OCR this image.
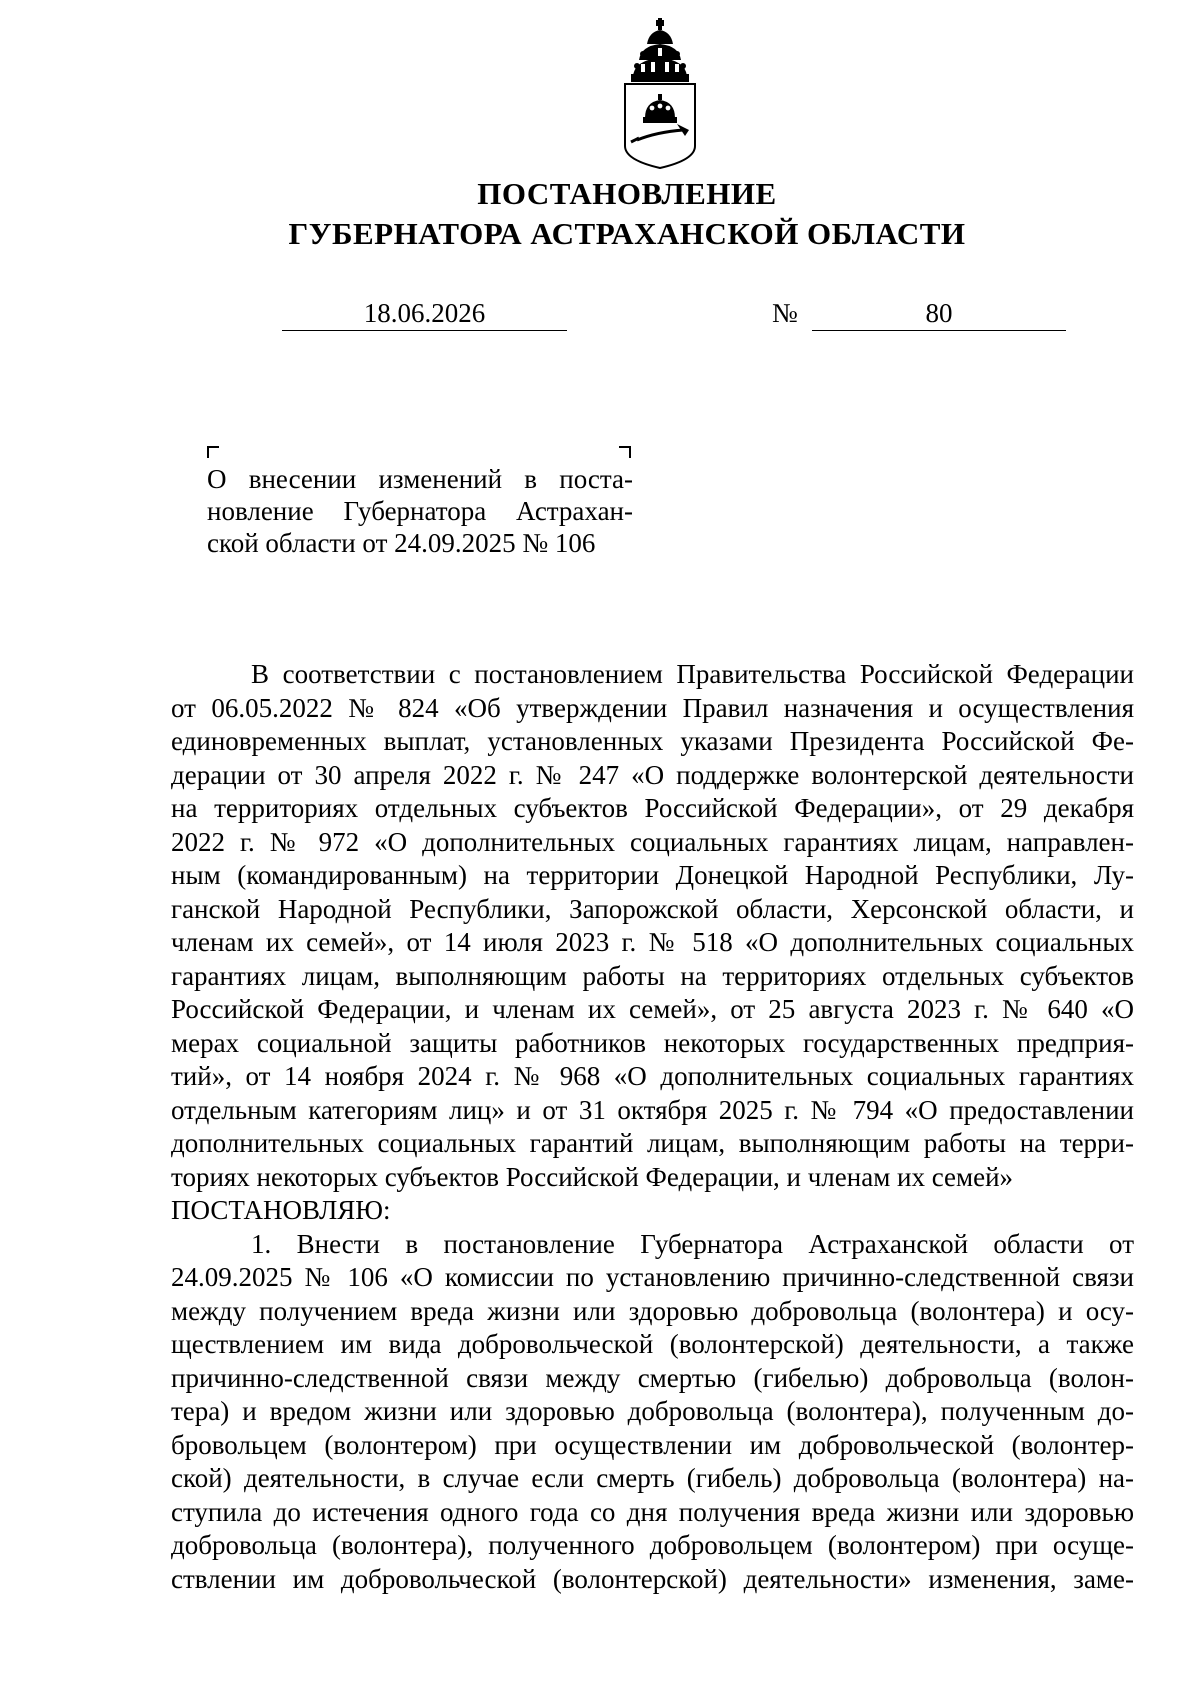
ПОСТАНОВЛЕНИЕ
ГУБЕРНАТОРА АСТРАХАНСКОЙ ОБЛАСТИ
18.06.2026	№	80
О внесении изменений в поста-
новление Губернатора Астрахан-
ской области от 24.09.2025 № 106
В соответствии с постановлением Правительства Российской Федерации
от 06.05.2022 № 824 «Об утверждении Правил назначения и осуществления
единовременных выплат, установленных указами Президента Российской Фе-
дерации от 30 апреля 2022 г. № 247 «О поддержке волонтерской деятельности
на территориях отдельных субъектов Российской Федерации», от 29 декабря
2022 г. № 972 «О дополнительных социальных гарантиях лицам, направлен-
ным (командированным) на территории Донецкой Народной Республики, Лу-
ганской Народной Республики, Запорожской области, Херсонской области, и
членам их семей», от 14 июля 2023 г. № 518 «О дополнительных социальных
гарантиях лицам, выполняющим работы на территориях отдельных субъектов
Российской Федерации, и членам их семей», от 25 августа 2023 г. № 640 «О
мерах социальной защиты работников некоторых государственных предприя-
тий», от 14 ноября 2024 г. № 968 «О дополнительных социальных гарантиях
отдельным категориям лиц» и от 31 октября 2025 г. № 794 «О предоставлении
дополнительных социальных гарантий лицам, выполняющим работы на терри-
ториях некоторых субъектов Российской Федерации, и членам их семей»
ПОСТАНОВЛЯЮ:
1. Внести в постановление Губернатора Астраханской области от
24.09.2025 № 106 «О комиссии по установлению причинно-следственной связи
между получением вреда жизни или здоровью добровольца (волонтера) и осу-
ществлением им вида добровольческой (волонтерской) деятельности, а также
причинно-следственной связи между смертью (гибелью) добровольца (волон-
тера) и вредом жизни или здоровью добровольца (волонтера), полученным до-
бровольцем (волонтером) при осуществлении им добровольческой (волонтер-
ской) деятельности, в случае если смерть (гибель) добровольца (волонтера) на-
ступила до истечения одного года со дня получения вреда жизни или здоровью
добровольца (волонтера), полученного добровольцем (волонтером) при осуще-
ствлении им добровольческой (волонтерской) деятельности» изменения, заме-
